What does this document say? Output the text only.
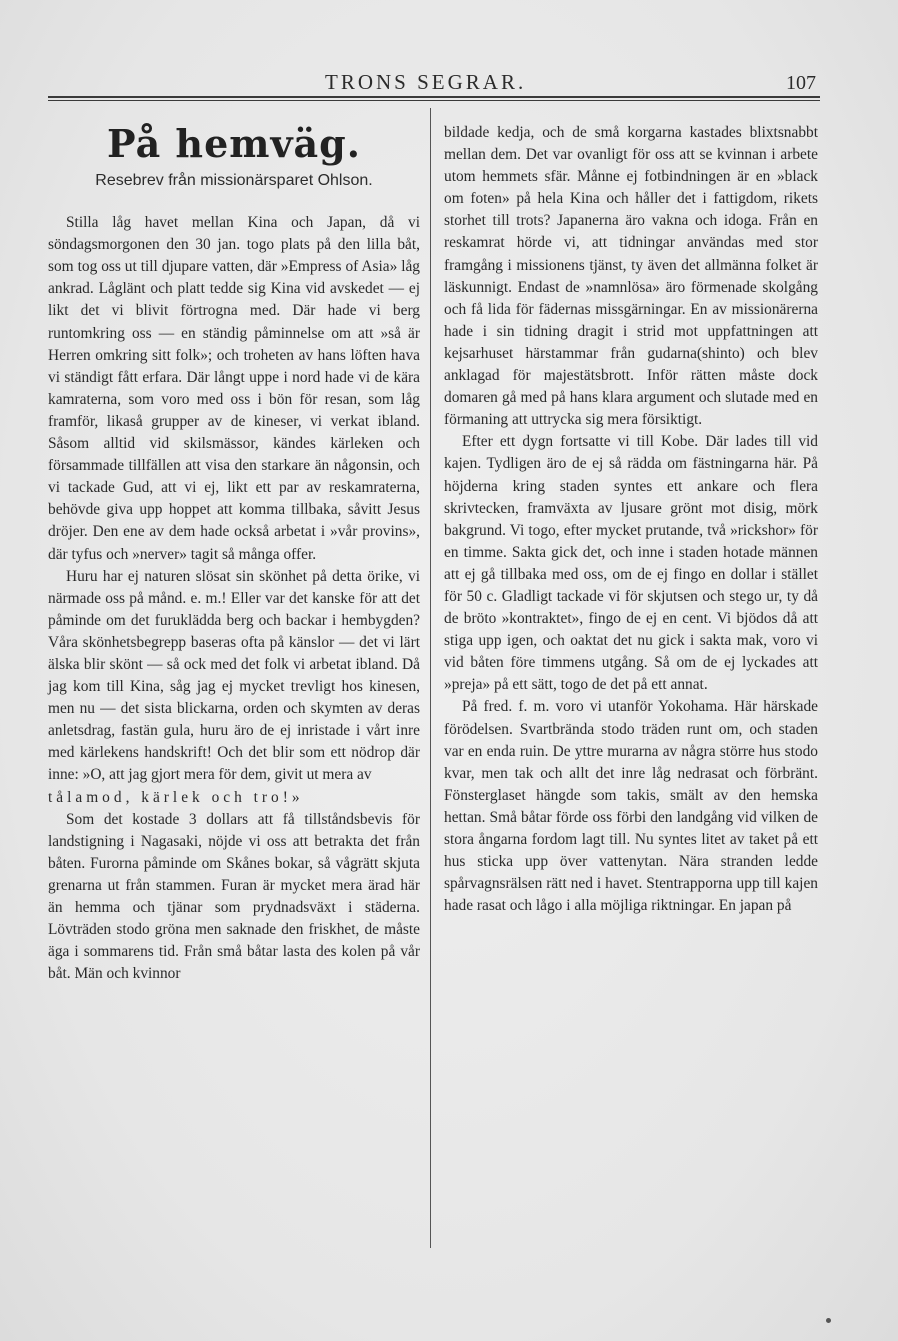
TRONS SEGRAR.	107
På hemväg.
Resebrev från missionärsparet Ohlson.

Stilla låg havet mellan Kina och Japan, då vi söndagsmorgonen den 30 jan. togo plats på den lilla båt, som tog oss ut till djupare vatten, där »Empress of Asia» låg ankrad. Låglänt och platt tedde sig Kina vid avskedet — ej likt det vi blivit förtrogna med. Där hade vi berg runtomkring oss — en ständig påminnelse om att »så är Herren omkring sitt folk»; och troheten av hans löften hava vi ständigt fått erfara. Där långt uppe i nord hade vi de kära kamraterna, som voro med oss i bön för resan, som låg framför, likaså grupper av de kineser, vi verkat ibland. Såsom alltid vid skilsmässor, kändes kärleken och försammade tillfällen att visa den starkare än någonsin, och vi tackade Gud, att vi ej, likt ett par av reskamraterna, behövde giva upp hoppet att komma tillbaka, såvitt Jesus dröjer. Den ene av dem hade också arbetat i »vår provins», där tyfus och »nerver» tagit så många offer.

Huru har ej naturen slösat sin skönhet på detta örike, vi närmade oss på månd. e. m.! Eller var det kanske för att det påminde om det furuklädda berg och backar i hembygden? Våra skönhetsbegrepp baseras ofta på känslor — det vi lärt älska blir skönt — så ock med det folk vi arbetat ibland. Då jag kom till Kina, såg jag ej mycket trevligt hos kinesen, men nu — det sista blickarna, orden och skymten av deras anletsdrag, fastän gula, huru äro de ej inristade i vårt inre med kärlekens handskrift! Och det blir som ett nödrop där inne: »O, att jag gjort mera för dem, givit ut mera av

tålamod, kärlek och tro!»

Som det kostade 3 dollars att få tillståndsbevis för landstigning i Nagasaki, nöjde vi oss att betrakta det från båten. Furorna påminde om Skånes bokar, så vågrätt skjuta grenarna ut från stammen. Furan är mycket mera ärad här än hemma och tjänar som prydnadsväxt i städerna. Lövträden stodo gröna men saknade den friskhet, de måste äga i sommarens tid. Från små båtar lasta des kolen på vår båt. Män och kvinnor

bildade kedja, och de små korgarna kastades blixtsnabbt mellan dem. Det var ovanligt för oss att se kvinnan i arbete utom hemmets sfär. Månne ej fotbindningen är en »black om foten» på hela Kina och håller det i fattigdom, rikets storhet till trots? Japanerna äro vakna och idoga. Från en reskamrat hörde vi, att tidningar användas med stor framgång i missionens tjänst, ty även det allmänna folket är läskunnigt. Endast de »namnlösa» äro förmenade skolgång och få lida för fädernas missgärningar. En av missionärerna hade i sin tidning dragit i strid mot uppfattningen att kejsarhuset härstammar från gudarna(shinto) och blev anklagad för majestätsbrott. Inför rätten måste dock domaren gå med på hans klara argument och slutade med en förmaning att uttrycka sig mera försiktigt.

Efter ett dygn fortsatte vi till Kobe. Där lades till vid kajen. Tydligen äro de ej så rädda om fästningarna här. På höjderna kring staden syntes ett ankare och flera skrivtecken, framväxta av ljusare grönt mot disig, mörk bakgrund. Vi togo, efter mycket prutande, två »rickshor» för en timme. Sakta gick det, och inne i staden hotade männen att ej gå tillbaka med oss, om de ej fingo en dollar i stället för 50 c. Gladligt tackade vi för skjutsen och stego ur, ty då de bröto »kontraktet», fingo de ej en cent. Vi bjödos då att stiga upp igen, och oaktat det nu gick i sakta mak, voro vi vid båten före timmens utgång. Så om de ej lyckades att »preja» på ett sätt, togo de det på ett annat.

På fred. f. m. voro vi utanför Yokohama. Här härskade förödelsen. Svartbrända stodo träden runt om, och staden var en enda ruin. De yttre murarna av några större hus stodo kvar, men tak och allt det inre låg nedrasat och förbränt. Fönsterglaset hängde som takis, smält av den hemska hettan. Små båtar förde oss förbi den landgång vid vilken de stora ångarna fordom lagt till. Nu syntes litet av taket på ett hus sticka upp över vattenytan. Nära stranden ledde spårvagnsrälsen rätt ned i havet. Stentrapporna upp till kajen hade rasat och lågo i alla möjliga riktningar. En japan på
